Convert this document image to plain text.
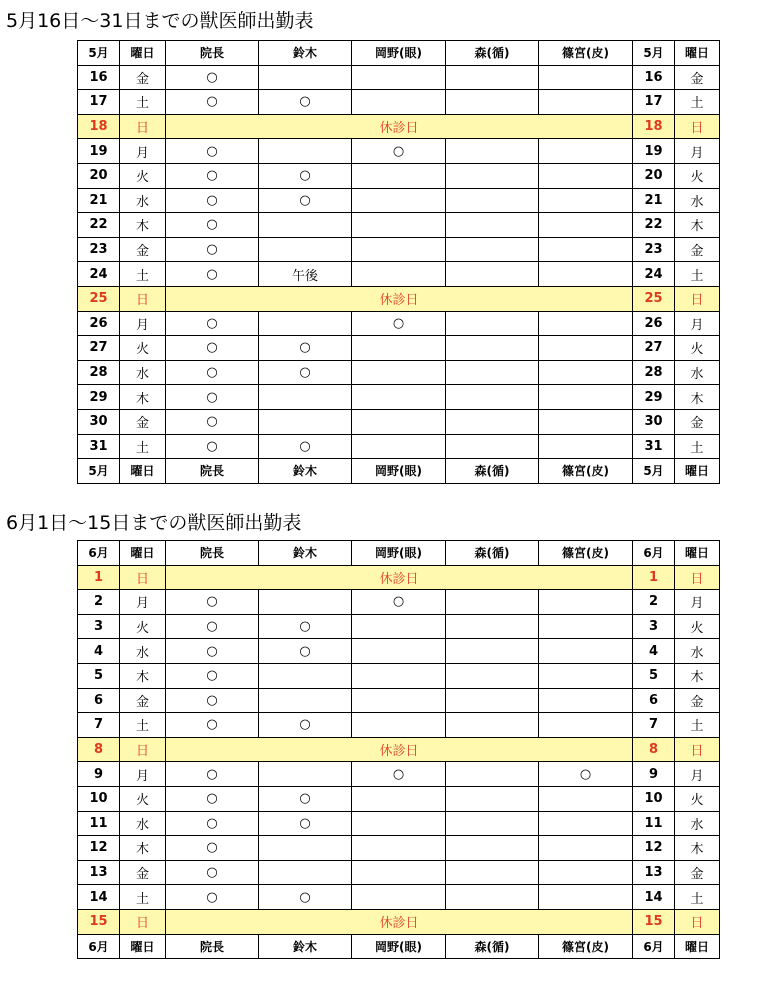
5月16日～31日までの獣医師出勤表
5月	曜日	院長	鈴木	岡野(眼)	森(循)	篠宮(皮)	5月	曜日
16	金	○					16	金
17	土	○	○				17	土
18	日	休診日					18	日
19	月	○		○			19	月
20	火	○	○				20	火
21	水	○	○				21	水
22	木	○					22	木
23	金	○					23	金
24	土	○	午後				24	土
25	日	休診日					25	日
26	月	○		○			26	月
27	火	○	○				27	火
28	水	○	○				28	水
29	木	○					29	木
30	金	○					30	金
31	土	○	○				31	土
5月	曜日	院長	鈴木	岡野(眼)	森(循)	篠宮(皮)	5月	曜日
6月1日～15日までの獣医師出勤表
6月	曜日	院長	鈴木	岡野(眼)	森(循)	篠宮(皮)	6月	曜日
1	日	休診日					1	日
2	月	○		○			2	月
3	火	○	○				3	火
4	水	○	○				4	水
5	木	○					5	木
6	金	○					6	金
7	土	○	○				7	土
8	日	休診日					8	日
9	月	○		○		○	9	月
10	火	○	○				10	火
11	水	○	○				11	水
12	木	○					12	木
13	金	○					13	金
14	土	○	○				14	土
15	日	休診日					15	日
6月	曜日	院長	鈴木	岡野(眼)	森(循)	篠宮(皮)	6月	曜日
